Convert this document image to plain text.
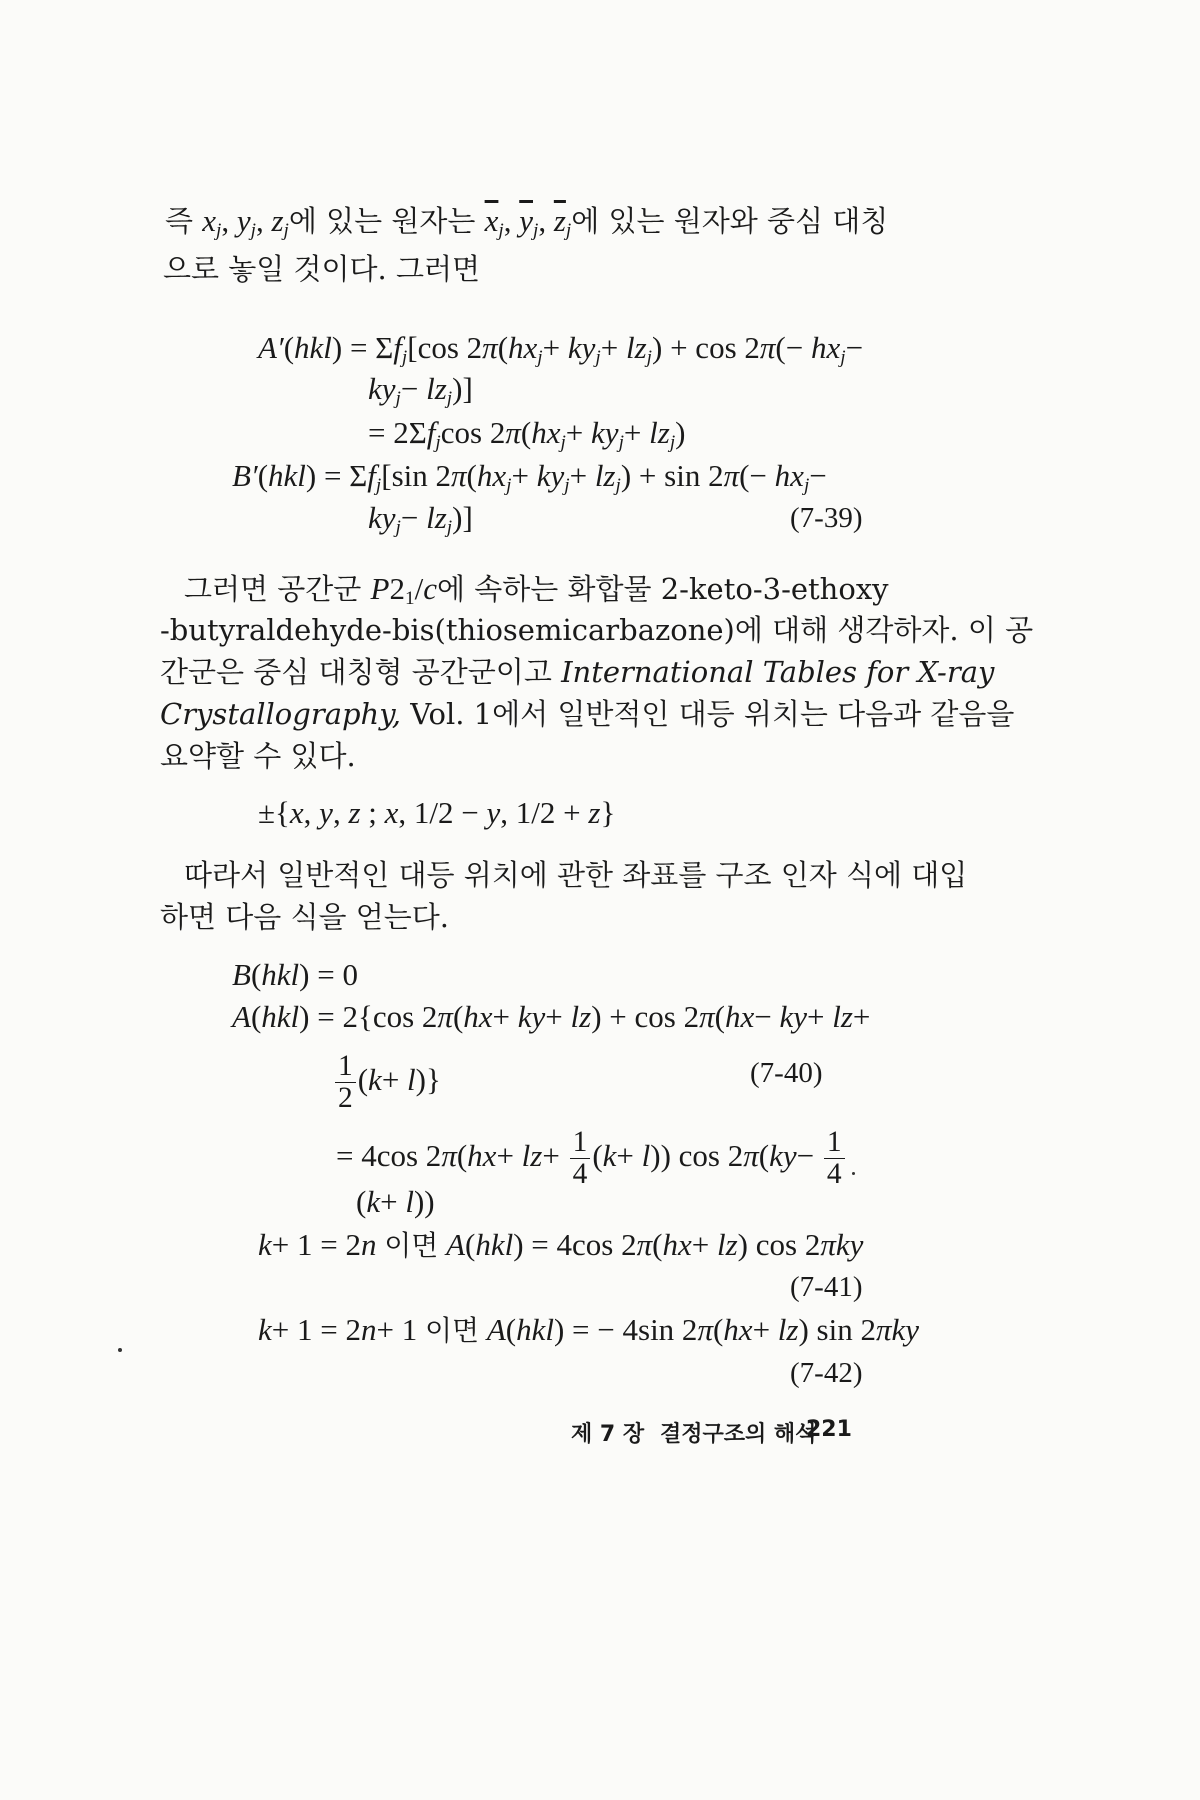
즉 $x_j$, $y_j$, $z_j$에 있는 원자는 $\overline{x}_j$, $\overline{y}_j$, $\overline{z}_j$에 있는 원자와 중심 대칭
으로 놓일 것이다. 그러면
$A'(hkl) = \Sigma f_j[\cos$ $2\pi(hx_j+ ky_j+ lz_j) + \cos 2\pi(- hx_j-$
$ky_j- lz_j$)]
= $2\Sigma f_j\cos$ $2\pi(hx_j+ ky_j+ lz_j)$
$B'(hkl) = \Sigma f_j[\sin$ $2\pi(hx_j+ ky_j+ lz_j) + \sin 2\pi(- hx_j-$
$ky_j- lz_j$)]	(7-39)
그러면 공간군 $P2_1/c$에 속하는 화합물 2-keto-3-ethoxy
-butyraldehyde-bis(thiosemicarbazone)에 대해 생각하자. 이 공
간군은 중심 대칭형 공간군이고 International Tables for X-ray
Crystallography, Vol. 1에서 일반적인 대등 위치는 다음과 같음을
요약할 수 있다.
±{x, y, z ; x, 1/2 − y, 1/2 + z}
따라서 일반적인 대등 위치에 관한 좌표를 구조 인자 식에 대입
하면 다음 식을 얻는다.
B(hkl) = 0
A(hkl) = 2{cos 2π(hx+ ky+ lz) + cos 2π(hx− ky+ lz+
$\frac{1}{2} (k+ l)$}	(7-40)
= 4cos $2\pi(hx+ lz+ \frac{1}{4} (k+ l))$ $\cos 2\pi(ky- \frac{1}{4}$
(k+ l))
k+ 1 = 2n 이면 A(hkl) = 4cos 2π(hx+ lz) cos 2πky
(7-41)
k+ 1 = 2n+ 1 이면 A(hkl) = − 4sin 2π(hx+ lz) sin 2πky
(7-42)
제 7 장 결정구조의 해석
221
